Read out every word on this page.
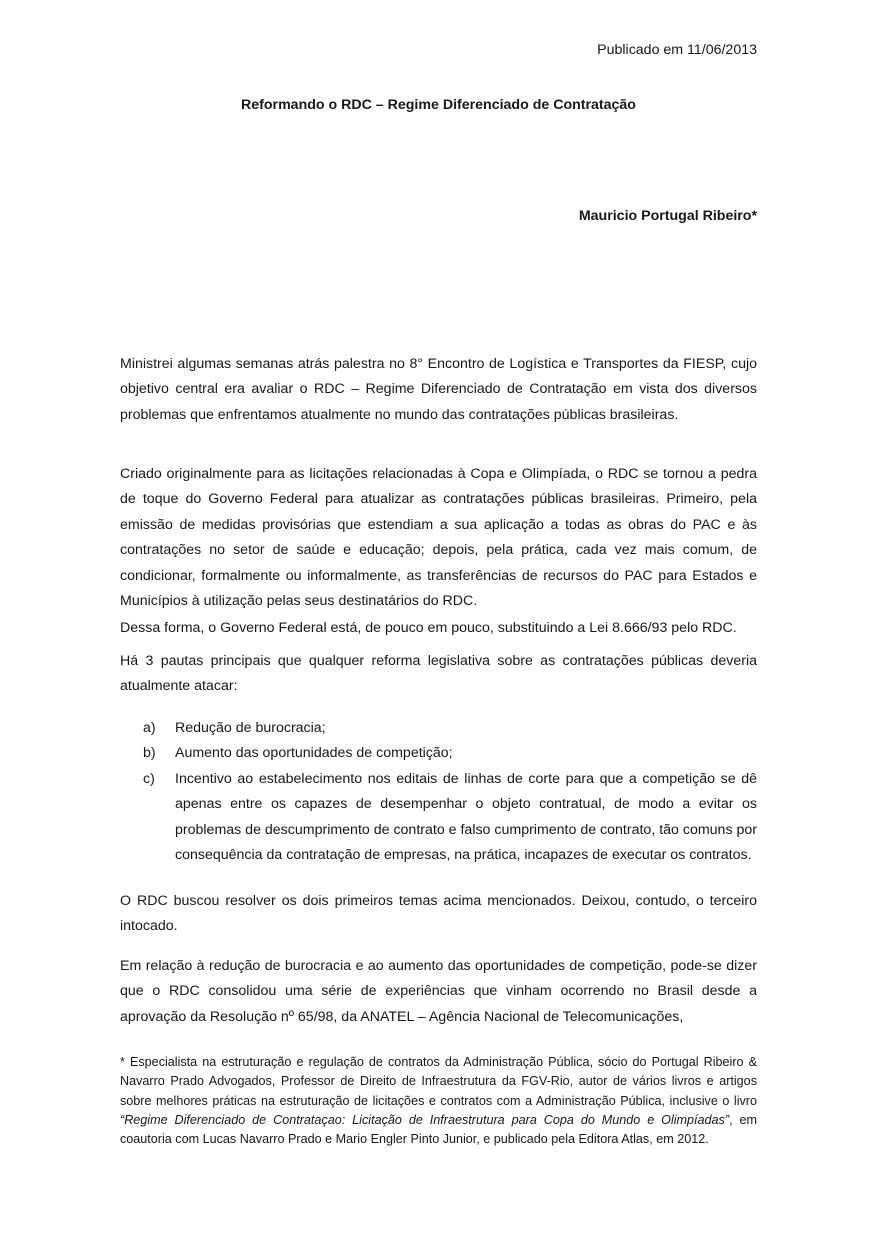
Publicado em 11/06/2013
Reformando o RDC – Regime Diferenciado de Contratação
Mauricio Portugal Ribeiro*
Ministrei algumas semanas atrás palestra no 8° Encontro de Logística e Transportes da FIESP, cujo objetivo central era avaliar o RDC – Regime Diferenciado de Contratação em vista dos diversos problemas que enfrentamos atualmente no mundo das contratações públicas brasileiras.
Criado originalmente para as licitações relacionadas à Copa e Olimpíada, o RDC se tornou a pedra de toque do Governo Federal para atualizar as contratações públicas brasileiras. Primeiro, pela emissão de medidas provisórias que estendiam a sua aplicação a todas as obras do PAC e às contratações no setor de saúde e educação; depois, pela prática, cada vez mais comum, de condicionar, formalmente ou informalmente, as transferências de recursos do PAC para Estados e Municípios à utilização pelas seus destinatários do RDC.
Dessa forma, o Governo Federal está, de pouco em pouco, substituindo a Lei 8.666/93 pelo RDC.
Há 3 pautas principais que qualquer reforma legislativa sobre as contratações públicas deveria atualmente atacar:
a)	Redução de burocracia;
b)	Aumento das oportunidades de competição;
c)	Incentivo ao estabelecimento nos editais de linhas de corte para que a competição se dê apenas entre os capazes de desempenhar o objeto contratual, de modo a evitar os problemas de descumprimento de contrato e falso cumprimento de contrato, tão comuns por consequência da contratação de empresas, na prática, incapazes de executar os contratos.
O RDC buscou resolver os dois primeiros temas acima mencionados. Deixou, contudo, o terceiro intocado.
Em relação à redução de burocracia e ao aumento das oportunidades de competição, pode-se dizer que o RDC consolidou uma série de experiências que vinham ocorrendo no Brasil desde a aprovação da Resolução nº 65/98, da ANATEL – Agência Nacional de Telecomunicações,
* Especialista na estruturação e regulação de contratos da Administração Pública, sócio do Portugal Ribeiro & Navarro Prado Advogados, Professor de Direito de Infraestrutura da FGV-Rio, autor de vários livros e artigos sobre melhores práticas na estruturação de licitações e contratos com a Administração Pública, inclusive o livro “Regime Diferenciado de Contrataçao: Licitação de Infraestrutura para Copa do Mundo e Olimpíadas”, em coautoria com Lucas Navarro Prado e Mario Engler Pinto Junior, e publicado pela Editora Atlas, em 2012.
